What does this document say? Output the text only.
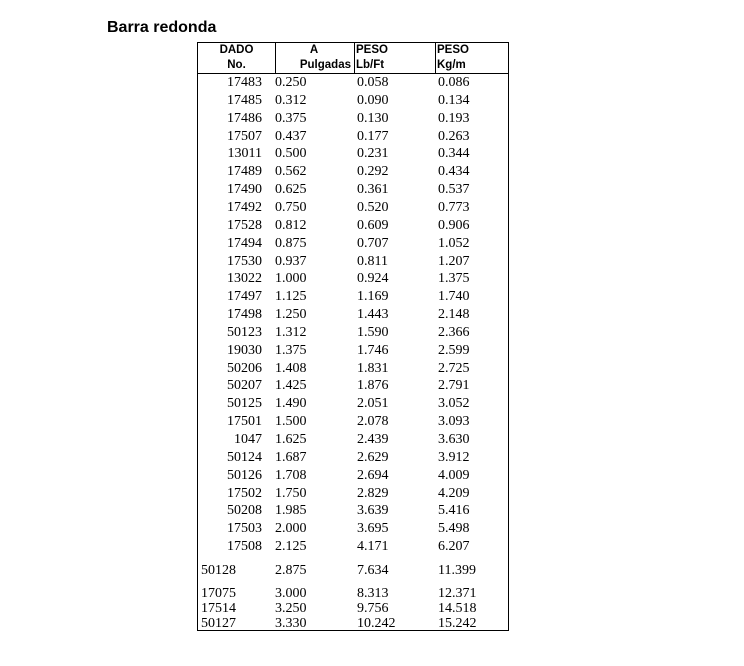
Barra redonda
DADO	A	PESO	PESO
No.	Pulgadas Lb/Ft	Kg/m
17483 0.250	0.058	0.086
17485 0.312	0.090	0.134
17486 0.375	0.130	0.193
17507 0.437	0.177	0.263
13011 0.500	0.231	0.344
17489 0.562	0.292	0.434
17490 0.625	0.361	0.537
17492 0.750	0.520	0.773
17528 0.812	0.609	0.906
17494 0.875	0.707	1.052
17530 0.937	0.811	1.207
13022 1.000	0.924	1.375
17497 1.125	1.169	1.740
17498 1.250	1.443	2.148
50123 1.312	1.590	2.366
19030 1.375	1.746	2.599
50206 1.408	1.831	2.725
50207 1.425	1.876	2.791
50125 1.490	2.051	3.052
17501 1.500	2.078	3.093
1047 1.625	2.439	3.630
50124 1.687	2.629	3.912
50126 1.708	2.694	4.009
17502 1.750	2.829	4.209
50208 1.985	3.639	5.416
17503 2.000	3.695	5.498
17508 2.125	4.171	6.207
50128	2.875	7.634	11.399
17075	3.000	8.313	12.371
17514	3.250	9.756	14.518
50127	3.330	10.242	15.242
